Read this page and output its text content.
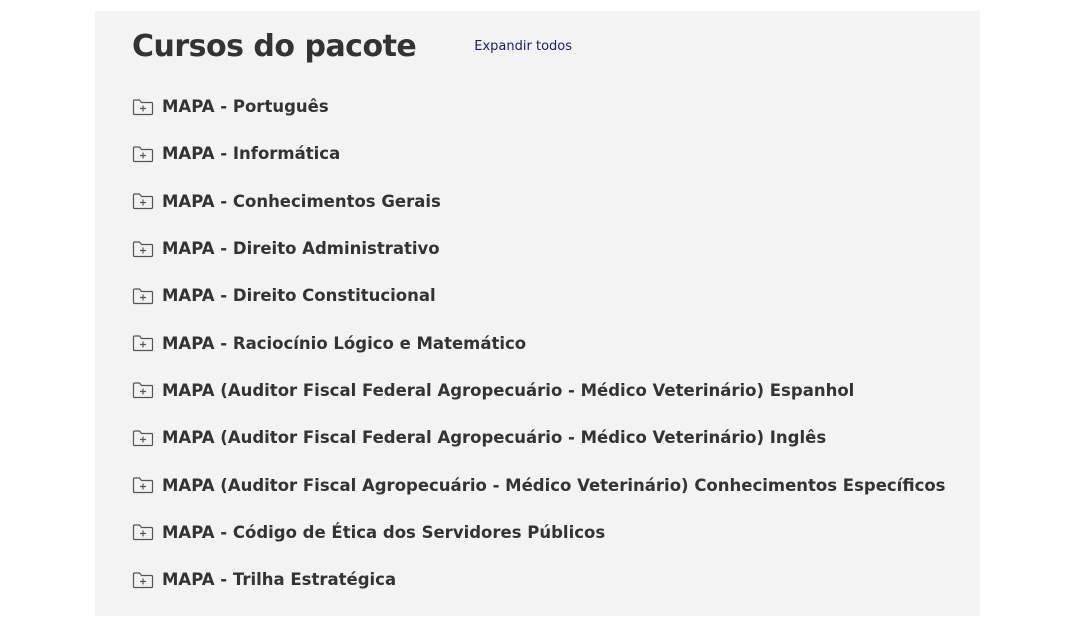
Cursos do pacote	Expandir todos
MAPA - Português
MAPA - Informática
MAPA - Conhecimentos Gerais
MAPA - Direito Administrativo
MAPA - Direito Constitucional
MAPA - Raciocínio Lógico e Matemático
MAPA (Auditor Fiscal Federal Agropecuário - Médico Veterinário) Espanhol
MAPA (Auditor Fiscal Federal Agropecuário - Médico Veterinário) Inglês
MAPA (Auditor Fiscal Agropecuário - Médico Veterinário) Conhecimentos Específicos
MAPA - Código de Ética dos Servidores Públicos
MAPA - Trilha Estratégica
